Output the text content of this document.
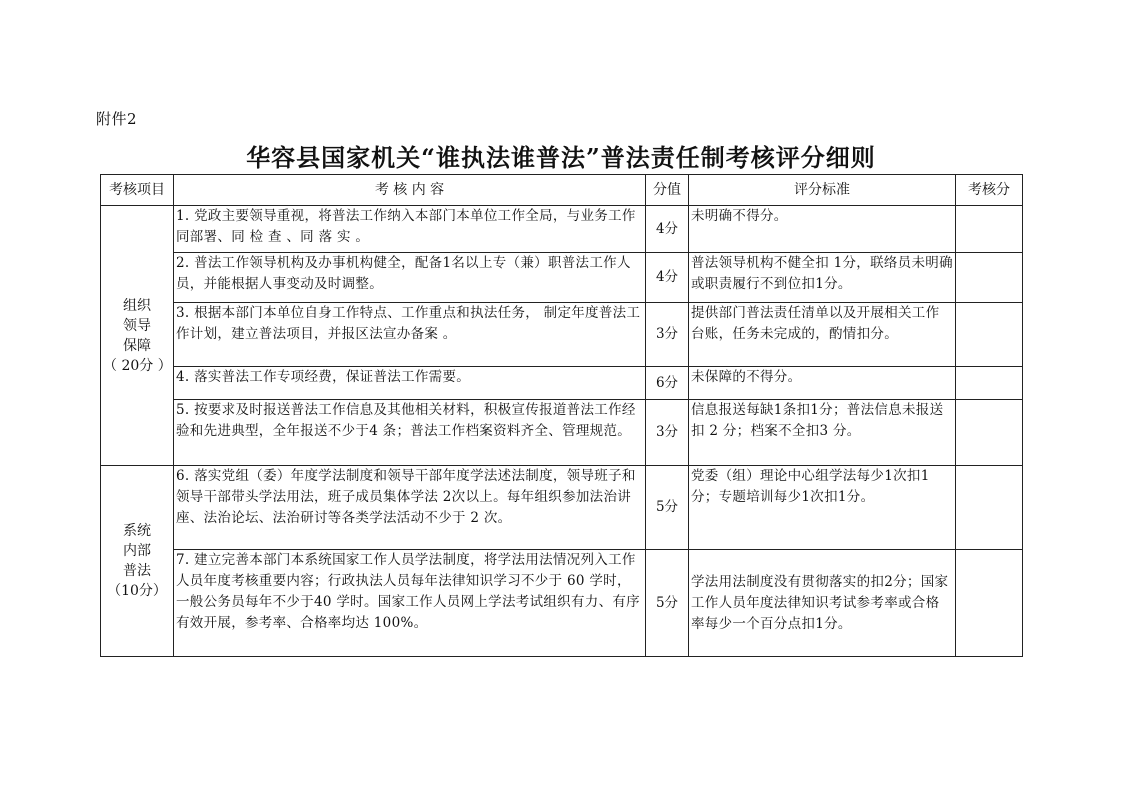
附件2
华容县国家机关“谁执法谁普法”普法责任制考核评分细则
考核项目	考 核 内 容	分值	评分标准	考核分

组织
领导
保障
（ 20分 ）	1. 党政主要领导重视，将普法工作纳入本部门本单位工作全局，与业务工作同部署、同 检 查 、同 落 实 。	4分	未明确不得分。	
	2. 普法工作领导机构及办事机构健全，配备1名以上专（兼）职普法工作人员，并能根据人事变动及时调整。	4分	普法领导机构不健全扣 1分，联络员未明确或职责履行不到位扣1分。	
	3. 根据本部门本单位自身工作特点、工作重点和执法任务， 制定年度普法工作计划，建立普法项目，并报区法宣办备案 。	3分	提供部门普法责任清单以及开展相关工作台账，任务未完成的，酌情扣分。	
	4. 落实普法工作专项经费，保证普法工作需要。	6分	未保障的不得分。	
	5. 按要求及时报送普法工作信息及其他相关材料，积极宣传报道普法工作经验和先进典型，全年报送不少于4 条；普法工作档案资料齐全、管理规范。	3分	信息报送每缺1条扣1分；普法信息未报送扣 2 分；档案不全扣3 分。	

系统
内部
普法
（10分）	6. 落实党组（委）年度学法制度和领导干部年度学法述法制度，领导班子和领导干部带头学法用法，班子成员集体学法 2次以上。每年组织参加法治讲座、法治论坛、法治研讨等各类学法活动不少于 2 次。	5分	党委（组）理论中心组学法每少1次扣1分；专题培训每少1次扣1分。	
	7. 建立完善本部门本系统国家工作人员学法制度，将学法用法情况列入工作人员年度考核重要内容；行政执法人员每年法律知识学习不少于 60 学时，一般公务员每年不少于40 学时。国家工作人员网上学法考试组织有力、有序有效开展，参考率、合格率均达 100%。	5分	学法用法制度没有贯彻落实的扣2分；国家工作人员年度法律知识考试参考率或合格率每少一个百分点扣1分。	
